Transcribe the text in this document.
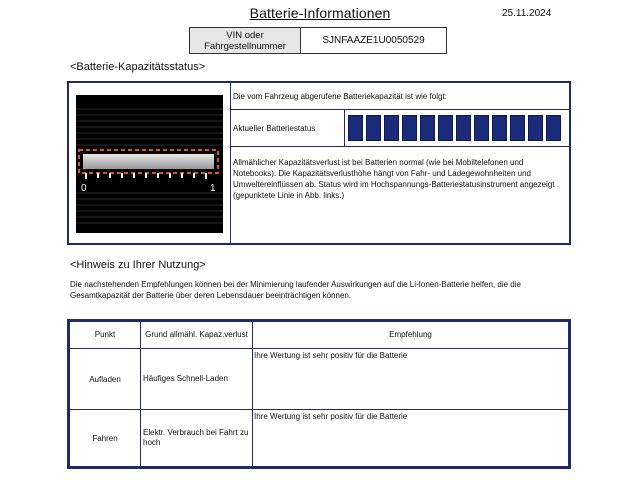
Batterie-Informationen	25.11.2024
VIN oder
Fahrgestellnummer	SJNFAAZE1U0050529
<Batterie-Kapazitätsstatus>
0	1
Die vom Fahrzeug abgerufene Batteriekapazität ist wie folgt:
Aktueller Batteriestatus
Allmählicher Kapazitätsverlust ist bei Batterien normal (wie bei Mobiltelefonen und Notebooks). Die Kapazitätsverlusthöhe hängt von Fahr- und Ladegewohnheiten und Umweltereinflüssen ab. Status wird im Hochspannungs-Batteriestatusinstrument angezeigt (gepunktete Linie in Abb. links.)
<Hinweis zu Ihrer Nutzung>
Die nachstehenden Empfehlungen können bei der Minimierung laufender Auswirkungen auf die Li-Ionen-Batterie helfen, die die Gesamtkapazität der Batterie über deren Lebensdauer beeinträchtigen können.
Punkt	Grund allmähl. Kapaz.verlust	Empfehlung
Aufladen	Häufiges Schnell-Laden	Ihre Wertung ist sehr positiv für die Batterie
Fahren	Elektr. Verbrauch bei Fahrt zu hoch	Ihre Wertung ist sehr positiv für die Batterie
